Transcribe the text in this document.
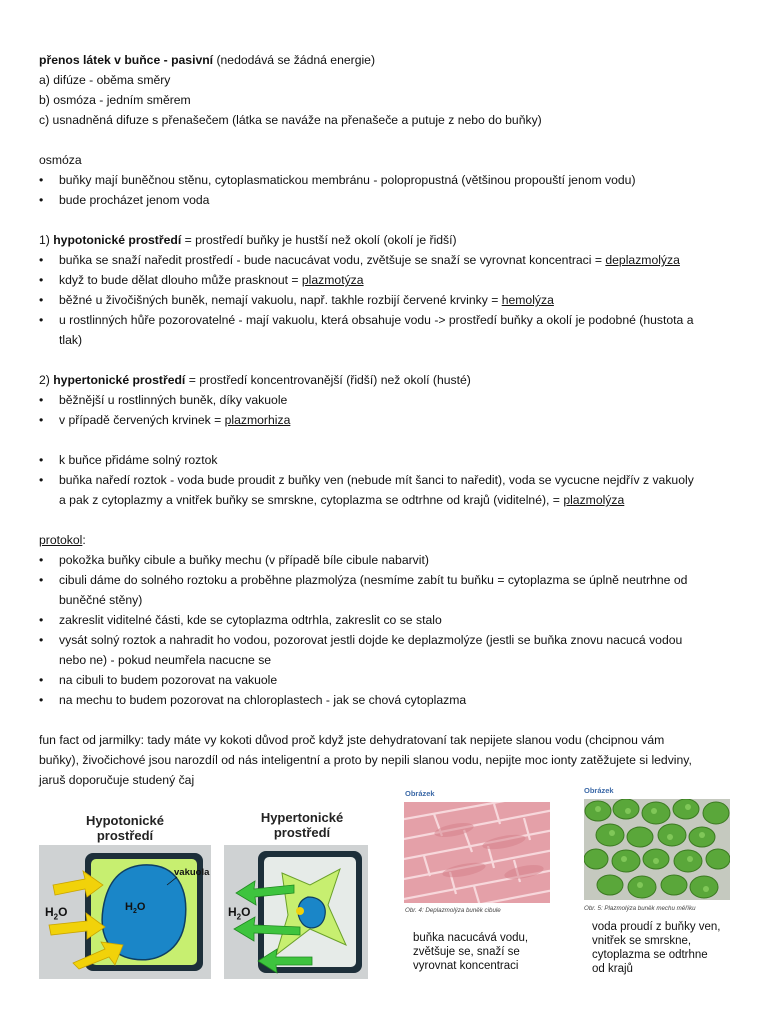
přenos látek v buňce - pasivní (nedodává se žádná energie)
a) difúze - oběma směry
b) osmóza - jedním směrem
c) usnadněná difuze s přenašečem (látka se naváže na přenašeče a putuje z nebo do buňky)
osmóza
•	buňky mají buněčnou stěnu, cytoplasmatickou membránu - polopropustná (většinou propouští jenom vodu)
•	bude procházet jenom voda
1) hypotonické prostředí = prostředí buňky je hustší než okolí (okolí je řidší)
•	buňka se snaží naředit prostředí - bude nacucávat vodu, zvětšuje se snaží se vyrovnat koncentraci = deplazmolýza
•	když to bude dělat dlouho může prasknout = plazmotýza
•	běžné u živočišných buněk, nemají vakuolu, např. takhle rozbijí červené krvinky = hemolýza
•	u rostlinných hůře pozorovatelné - mají vakuolu, která obsahuje vodu -> prostředí buňky a okolí je podobné (hustota a
tlak)
2) hypertonické prostředí = prostředí koncentrovanější (řidší) než okolí (husté)
•	běžnější u rostlinných buněk, díky vakuole
•	v případě červených krvinek = plazmorhiza
•	k buňce přidáme solný roztok
•	buňka naředí roztok - voda bude proudit z buňky ven (nebude mít šanci to naředit), voda se vycucne nejdřív z vakuoly
a pak z cytoplazmy a vnitřek buňky se smrskne, cytoplazma se odtrhne od krajů (viditelné), = plazmolýza
protokol:
•	pokožka buňky cibule a buňky mechu (v případě bíle cibule nabarvit)
•	cibuli dáme do solného roztoku a proběhne plazmolýza (nesmíme zabít tu buňku = cytoplazma se úplně neutrhne od
buněčné stěny)
•	zakreslit viditelné části, kde se cytoplazma odtrhla, zakreslit co se stalo
•	vysát solný roztok a nahradit ho vodou, pozorovat jestli dojde ke deplazmolýze (jestli se buňka znovu nacucá vodou
nebo ne) - pokud neumřela nacucne se
•	na cibuli to budem pozorovat na vakuole
•	na mechu to budem pozorovat na chloroplastech - jak se chová cytoplazma
fun fact od jarmilky: tady máte vy kokoti důvod proč když jste dehydratovaní tak nepijete slanou vodu (chcipnou vám
buňky), živočichové jsou narozdíl od nás inteligentní a proto by nepili slanou vodu, nepijte moc ionty zatěžujete si ledviny,
jaruš doporučuje studený čaj
Hypotonické
prostředí
vakuola
$H_2O$	$H_2O$
Hypertonické
prostředí
$H_2O$
Obrázek
Obr. 4: Deplazmolýza buněk cibule
buňka nacucává vodu, zvětšuje se, snaží se vyrovnat koncentraci
Obrázek
Obr. 5: Plazmolýza buněk mechu měříku
voda proudí z buňky ven, vnitřek se smrskne, cytoplazma se odtrhne od krajů
